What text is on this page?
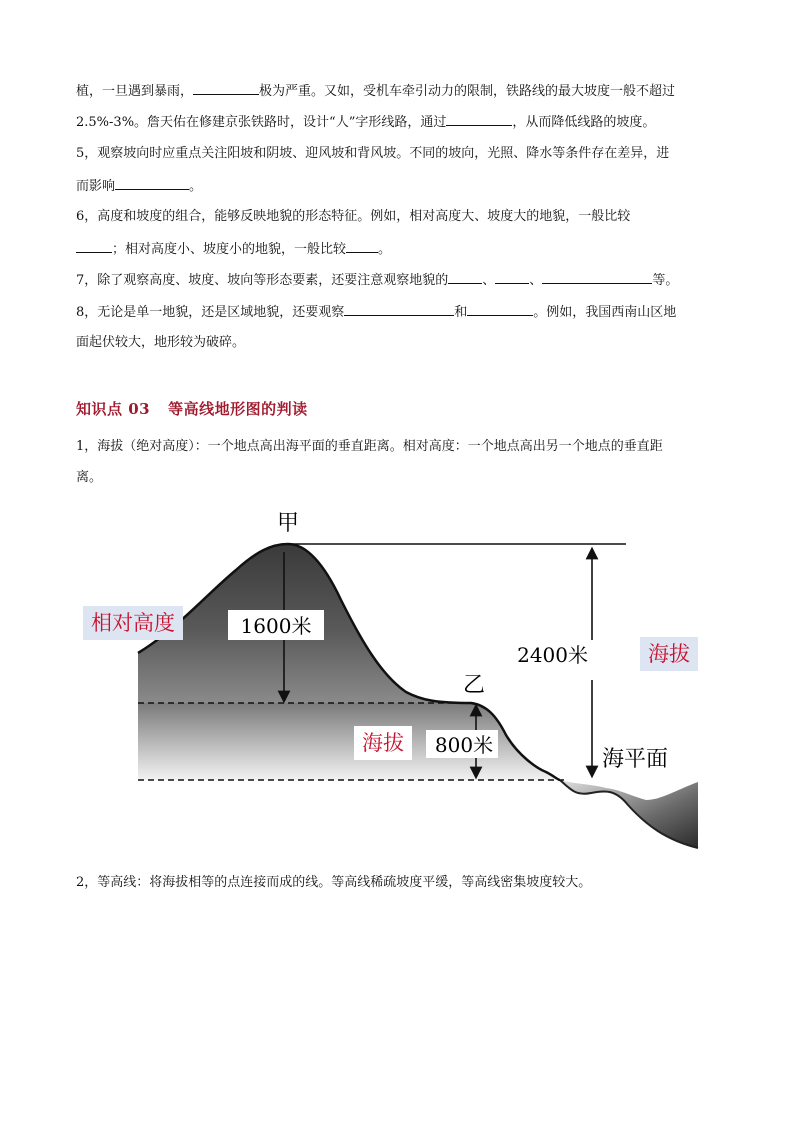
植，一旦遇到暴雨，	极为严重。又如，受机车牵引动力的限制，铁路线的最大坡度一般不超过
2.5%-3%。詹天佑在修建京张铁路时，设计“人”字形线路，通过	，从而降低线路的坡度。
5，观察坡向时应重点关注阳坡和阴坡、迎风坡和背风坡。不同的坡向，光照、降水等条件存在差异，进
而影响	。
6，高度和坡度的组合，能够反映地貌的形态特征。例如，相对高度大、坡度大的地貌，一般比较
；相对高度小、坡度小的地貌，一般比较 。
7，除了观察高度、坡度、坡向等形态要素，还要注意观察地貌的	、	、	等。
8，无论是单一地貌，还是区域地貌，还要观察	和	。例如，我国西南山区地
面起伏较大，地形较为破碎。
知识点 03 等高线地形图的判读
1，海拔（绝对高度）：一个地点高出海平面的垂直距离。相对高度：一个地点高出另一个地点的垂直距
离。
甲
乙
1600米
2400米
800米
海平面
相对高度
海拔
海拔
2，等高线：将海拔相等的点连接而成的线。等高线稀疏坡度平缓，等高线密集坡度较大。
